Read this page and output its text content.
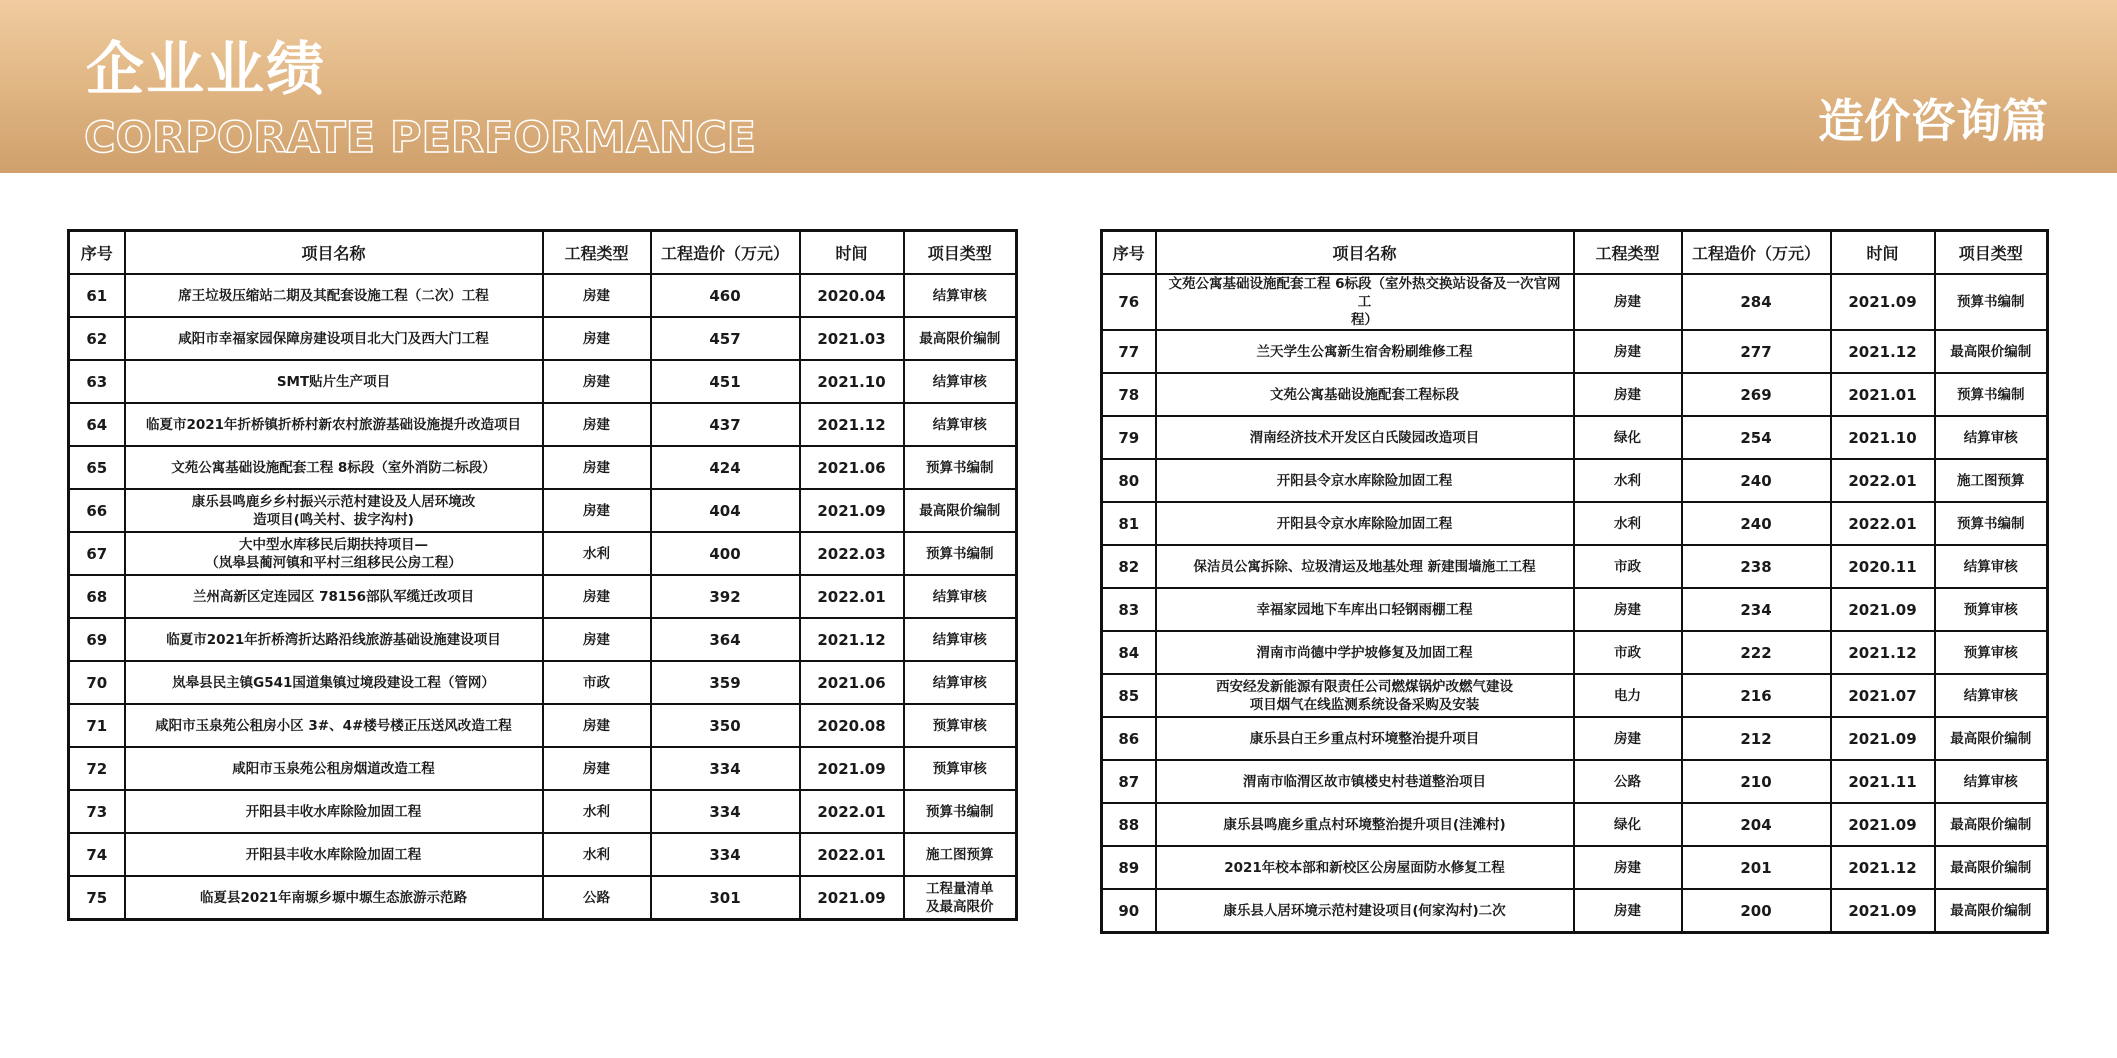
企业业绩
CORPORATE PERFORMANCE	造价咨询篇
序号	项目名称	工程类型	工程造价（万元）	时间	项目类型
61	席王垃圾压缩站二期及其配套设施工程（二次）工程	房建	460	2020.04	结算审核
62	咸阳市幸福家园保障房建设项目北大门及西大门工程	房建	457	2021.03	最高限价编制
63	SMT贴片生产项目	房建	451	2021.10	结算审核
64	临夏市2021年折桥镇折桥村新农村旅游基础设施提升改造项目	房建	437	2021.12	结算审核
65	文苑公寓基础设施配套工程 8标段（室外消防二标段）	房建	424	2021.06	预算书编制
66	康乐县鸣鹿乡乡村振兴示范村建设及人居环境改
造项目(鸣关村、拔字沟村)	房建	404	2021.09	最高限价编制
67	大中型水库移民后期扶持项目—
（岚皋县蔺河镇和平村三组移民公房工程）	水利	400	2022.03	预算书编制
68	兰州高新区定连园区 78156部队军缆迁改项目	房建	392	2022.01	结算审核
69	临夏市2021年折桥湾折达路沿线旅游基础设施建设项目	房建	364	2021.12	结算审核
70	岚皋县民主镇G541国道集镇过境段建设工程（管网）	市政	359	2021.06	结算审核
71	咸阳市玉泉苑公租房小区 3#、4#楼号楼正压送风改造工程	房建	350	2020.08	预算审核
72	咸阳市玉泉苑公租房烟道改造工程	房建	334	2021.09	预算审核
73	开阳县丰收水库除险加固工程	水利	334	2022.01	预算书编制
74	开阳县丰收水库除险加固工程	水利	334	2022.01	施工图预算
75	临夏县2021年南塬乡塬中塬生态旅游示范路	公路	301	2021.09	工程量清单
及最高限价
序号	项目名称	工程类型	工程造价（万元）	时间	项目类型
76	文苑公寓基础设施配套工程 6标段（室外热交换站设备及一次官网工
程）	房建	284	2021.09	预算书编制
77	兰天学生公寓新生宿舍粉刷维修工程	房建	277	2021.12	最高限价编制
78	文苑公寓基础设施配套工程标段	房建	269	2021.01	预算书编制
79	渭南经济技术开发区白氏陵园改造项目	绿化	254	2021.10	结算审核
80	开阳县令京水库除险加固工程	水利	240	2022.01	施工图预算
81	开阳县令京水库除险加固工程	水利	240	2022.01	预算书编制
82	保洁员公寓拆除、垃圾清运及地基处理 新建围墙施工工程	市政	238	2020.11	结算审核
83	幸福家园地下车库出口轻钢雨棚工程	房建	234	2021.09	预算审核
84	渭南市尚德中学护坡修复及加固工程	市政	222	2021.12	预算审核
85	西安经发新能源有限责任公司燃煤锅炉改燃气建设
项目烟气在线监测系统设备采购及安装	电力	216	2021.07	结算审核
86	康乐县白王乡重点村环境整治提升项目	房建	212	2021.09	最高限价编制
87	渭南市临渭区故市镇楼史村巷道整治项目	公路	210	2021.11	结算审核
88	康乐县鸣鹿乡重点村环境整治提升项目(洼滩村)	绿化	204	2021.09	最高限价编制
89	2021年校本部和新校区公房屋面防水修复工程	房建	201	2021.12	最高限价编制
90	康乐县人居环境示范村建设项目(何家沟村)二次	房建	200	2021.09	最高限价编制
